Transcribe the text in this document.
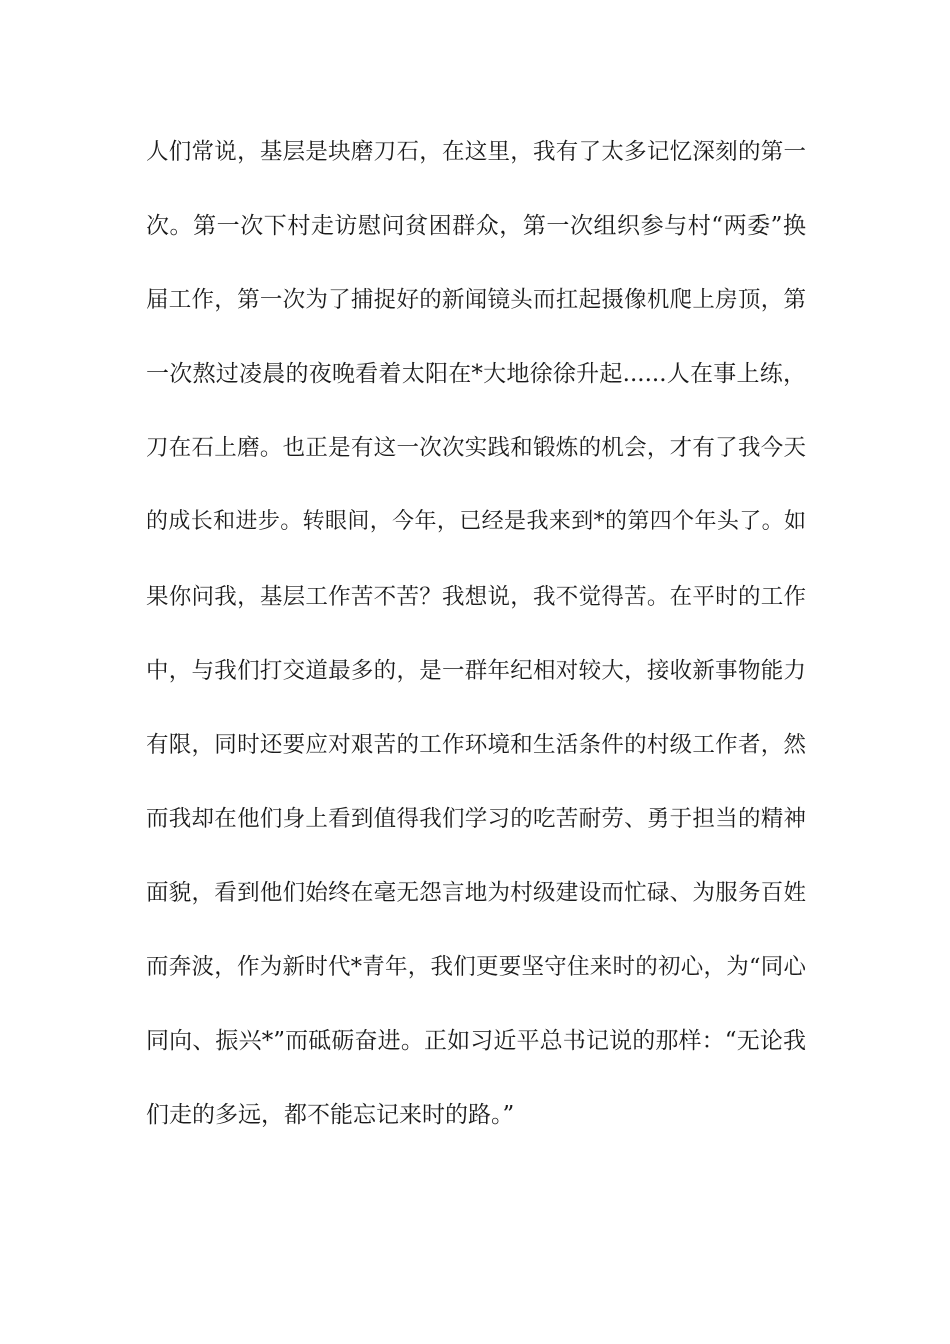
人们常说，基层是块磨刀石，在这里，我有了太多记忆深刻的第一
次。第一次下村走访慰问贫困群众，第一次组织参与村“两委”换
届工作，第一次为了捕捉好的新闻镜头而扛起摄像机爬上房顶，第
一次熬过凌晨的夜晚看着太阳在*大地徐徐升起......人在事上练，
刀在石上磨。也正是有这一次次实践和锻炼的机会，才有了我今天
的成长和进步。转眼间，今年，已经是我来到*的第四个年头了。如
果你问我，基层工作苦不苦？我想说，我不觉得苦。在平时的工作
中，与我们打交道最多的，是一群年纪相对较大，接收新事物能力
有限，同时还要应对艰苦的工作环境和生活条件的村级工作者，然
而我却在他们身上看到值得我们学习的吃苦耐劳、勇于担当的精神
面貌，看到他们始终在毫无怨言地为村级建设而忙碌、为服务百姓
而奔波，作为新时代*青年，我们更要坚守住来时的初心，为“同心
同向、振兴*”而砥砺奋进。正如习近平总书记说的那样：“无论我
们走的多远，都不能忘记来时的路。”
